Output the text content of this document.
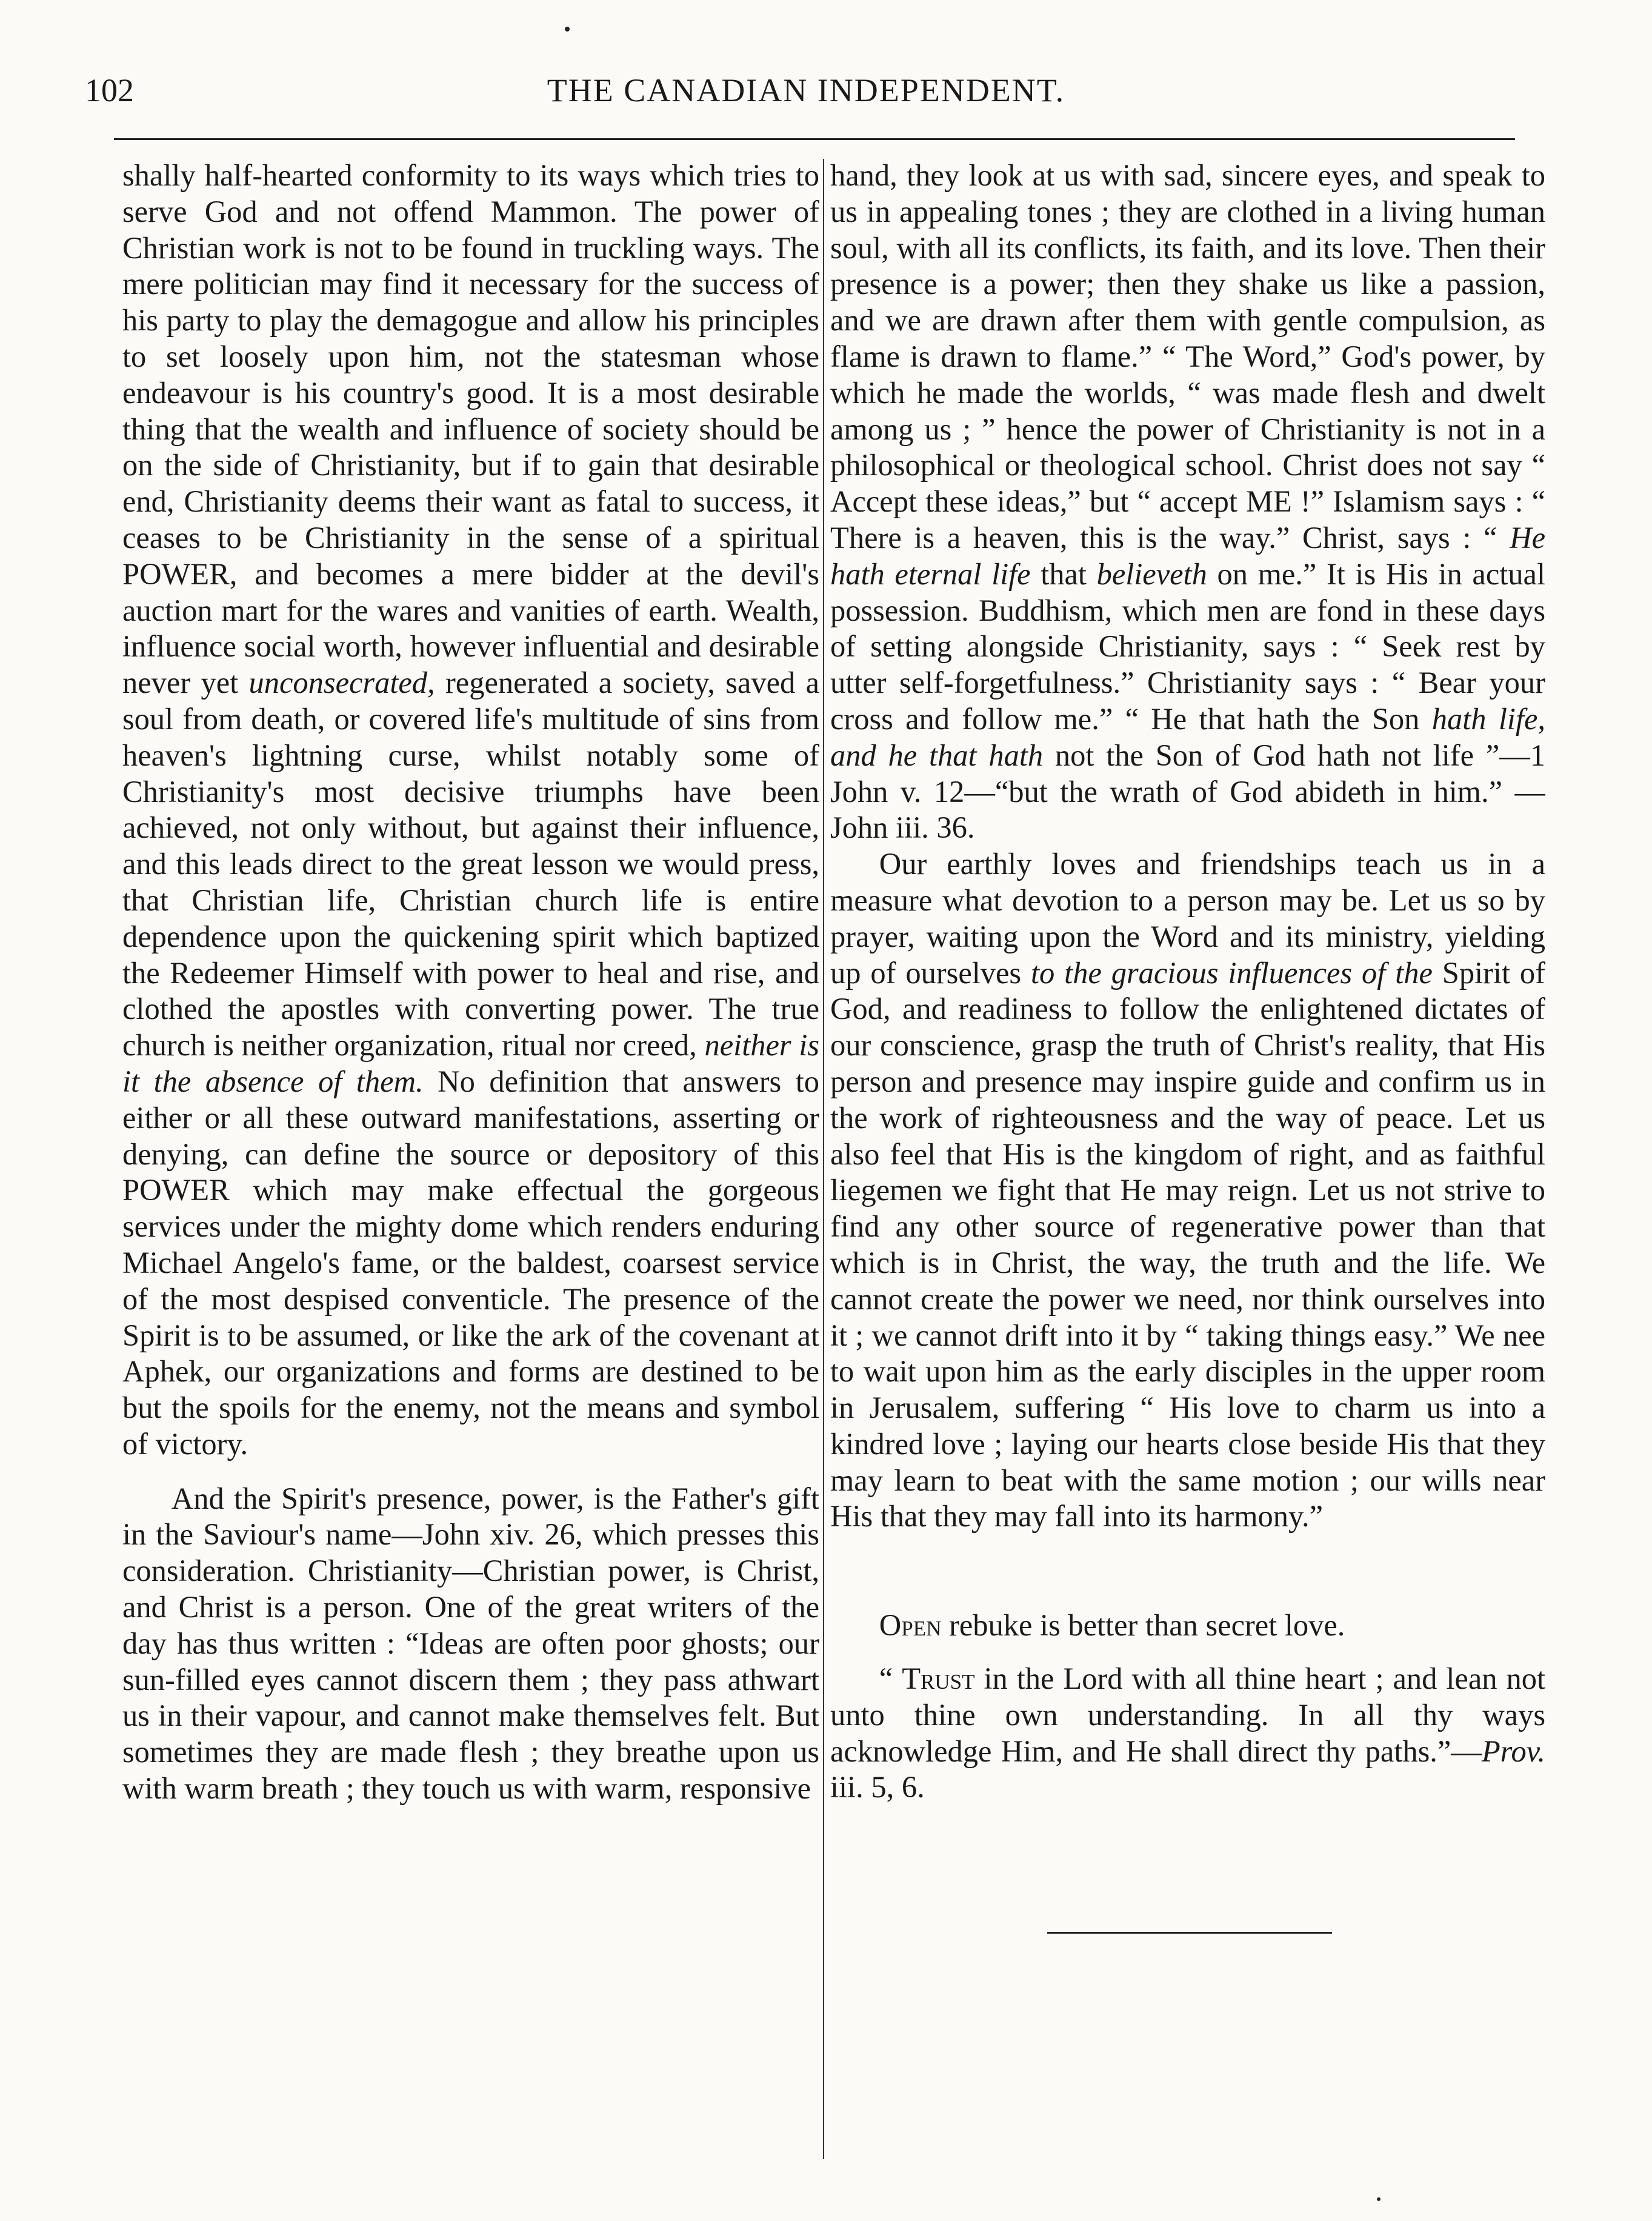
102	THE CANADIAN INDEPENDENT.

shally half-hearted conformity to its ways which tries to serve God and not offend Mammon. The power of Christian work is not to be found in truckling ways. The mere politician may find it necessary for the success of his party to play the demagogue and allow his principles to set loosely upon him, not the statesman whose endeavour is his country's good. It is a most desirable thing that the wealth and influence of society should be on the side of Christianity, but if to gain that desirable end, Christianity deems their want as fatal to success, it ceases to be Christianity in the sense of a spiritual POWER, and becomes a mere bidder at the devil's auction mart for the wares and vanities of earth. Wealth, influence social worth, however influential and desirable never yet unconsecrated, regenerated a society, saved a soul from death, or covered life's multitude of sins from heaven's lightning curse, whilst notably some of Christianity's most decisive triumphs have been achieved, not only without, but against their influence, and this leads direct to the great lesson we would press, that Christian life, Christian church life is entire dependence upon the quickening spirit which baptized the Redeemer Himself with power to heal and rise, and clothed the apostles with converting power. The true church is neither organization, ritual nor creed, neither is it the absence of them. No definition that answers to either or all these outward manifestations, asserting or denying, can define the source or depository of this POWER which may make effectual the gorgeous services under the mighty dome which renders enduring Michael Angelo's fame, or the baldest, coarsest service of the most despised conventicle. The presence of the Spirit is to be assumed, or like the ark of the covenant at Aphek, our organizations and forms are destined to be but the spoils for the enemy, not the means and symbol of victory.

And the Spirit's presence, power, is the Father's gift in the Saviour's name—John xiv. 26, which presses this consideration. Christianity—Christian power, is Christ, and Christ is a person. One of the great writers of the day has thus written : “Ideas are often poor ghosts; our sun-filled eyes cannot discern them ; they pass athwart us in their vapour, and cannot make themselves felt. But sometimes they are made flesh ; they breathe upon us with warm breath ; they touch us with warm, responsive

hand, they look at us with sad, sincere eyes, and speak to us in appealing tones ; they are clothed in a living human soul, with all its conflicts, its faith, and its love. Then their presence is a power; then they shake us like a passion, and we are drawn after them with gentle compulsion, as flame is drawn to flame.” “ The Word,” God's power, by which he made the worlds, “ was made flesh and dwelt among us ; ” hence the power of Christianity is not in a philosophical or theological school. Christ does not say “ Accept these ideas,” but “ accept ME !” Islamism says : “ There is a heaven, this is the way.” Christ, says : “ He hath eternal life that believeth on me.” It is His in actual possession. Buddhism, which men are fond in these days of setting alongside Christianity, says : “ Seek rest by utter self-forgetfulness.” Christianity says : “ Bear your cross and follow me.” “ He that hath the Son hath life, and he that hath not the Son of God hath not life ”—1 John v. 12—“but the wrath of God abideth in him.” —John iii. 36.

Our earthly loves and friendships teach us in a measure what devotion to a person may be. Let us so by prayer, waiting upon the Word and its ministry, yielding up of ourselves to the gracious influences of the Spirit of God, and readiness to follow the enlightened dictates of our conscience, grasp the truth of Christ's reality, that His person and presence may inspire guide and confirm us in the work of righteousness and the way of peace. Let us also feel that His is the kingdom of right, and as faithful liegemen we fight that He may reign. Let us not strive to find any other source of regenerative power than that which is in Christ, the way, the truth and the life. We cannot create the power we need, nor think ourselves into it ; we cannot drift into it by “ taking things easy.” We nee to wait upon him as the early disciples in the upper room in Jerusalem, suffering “ His love to charm us into a kindred love ; laying our hearts close beside His that they may learn to beat with the same motion ; our wills near His that they may fall into its harmony.”

Open rebuke is better than secret love.

“ Trust in the Lord with all thine heart ; and lean not unto thine own understanding. In all thy ways acknowledge Him, and He shall direct thy paths.”—Prov. iii. 5, 6.
